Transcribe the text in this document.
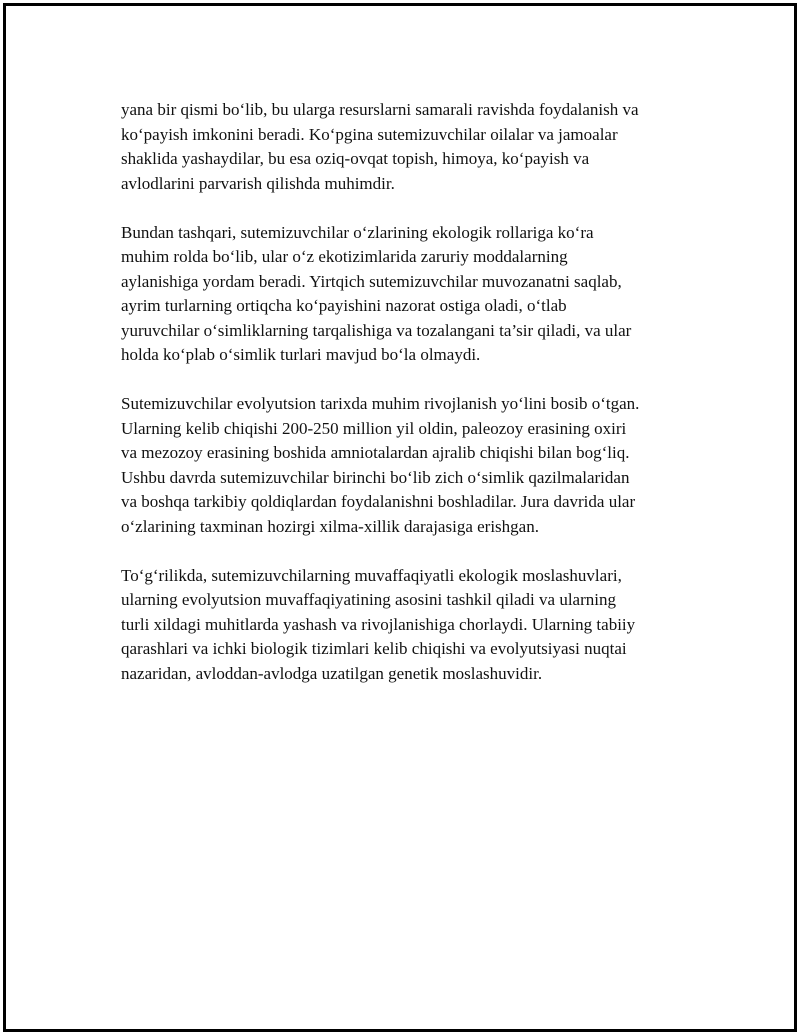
yana bir qismi bo‘lib, bu ularga resurslarni samarali ravishda foydalanish va
ko‘payish imkonini beradi. Ko‘pgina sutemizuvchilar oilalar va jamoalar
shaklida yashaydilar, bu esa oziq-ovqat topish, himoya, ko‘payish va
avlodlarini parvarish qilishda muhimdir.

Bundan tashqari, sutemizuvchilar o‘zlarining ekologik rollariga ko‘ra
muhim rolda bo‘lib, ular o‘z ekotizimlarida zaruriy moddalarning
aylanishiga yordam beradi. Yirtqich sutemizuvchilar muvozanatni saqlab,
ayrim turlarning ortiqcha ko‘payishini nazorat ostiga oladi, o‘tlab
yuruvchilar o‘simliklarning tarqalishiga va tozalangani ta’sir qiladi, va ular
holda ko‘plab o‘simlik turlari mavjud bo‘la olmaydi.

Sutemizuvchilar evolyutsion tarixda muhim rivojlanish yo‘lini bosib o‘tgan.
Ularning kelib chiqishi 200-250 million yil oldin, paleozoy erasining oxiri
va mezozoy erasining boshida amniotalardan ajralib chiqishi bilan bog‘liq.
Ushbu davrda sutemizuvchilar birinchi bo‘lib zich o‘simlik qazilmalaridan
va boshqa tarkibiy qoldiqlardan foydalanishni boshladilar. Jura davrida ular
o‘zlarining taxminan hozirgi xilma-xillik darajasiga erishgan.

To‘g‘rilikda, sutemizuvchilarning muvaffaqiyatli ekologik moslashuvlari,
ularning evolyutsion muvaffaqiyatining asosini tashkil qiladi va ularning
turli xildagi muhitlarda yashash va rivojlanishiga chorlaydi. Ularning tabiiy
qarashlari va ichki biologik tizimlari kelib chiqishi va evolyutsiyasi nuqtai
nazaridan, avloddan-avlodga uzatilgan genetik moslashuvidir.
